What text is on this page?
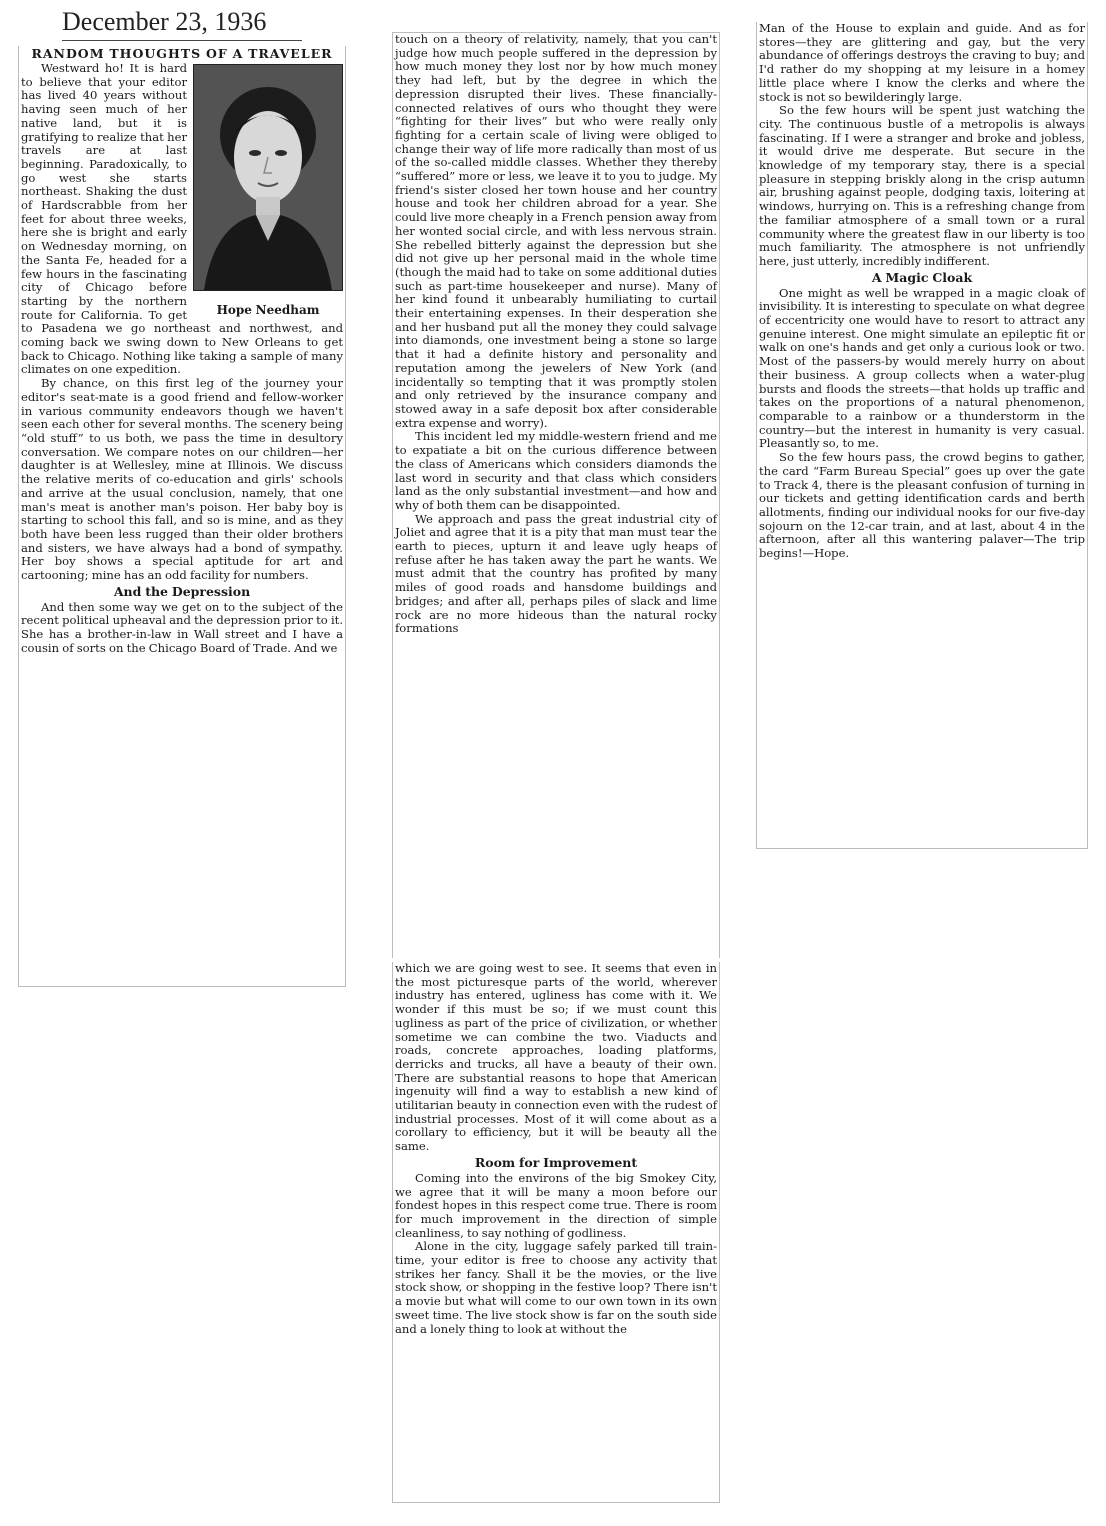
December 23, 1936
RANDOM THOUGHTS OF A TRAVELER
Hope Needham

Westward ho! It is hard to believe that your editor has lived 40 years without having seen much of her native land, but it is gratifying to realize that her travels are at last beginning. Paradoxically, to go west she starts northeast. Shaking the dust of Hardscrabble from her feet for about three weeks, here she is bright and early on Wednesday morning, on the Santa Fe, headed for a few hours in the fascinating city of Chicago before starting by the northern route for California. To get to Pasadena we go northeast and northwest, and coming back we swing down to New Orleans to get back to Chicago. Nothing like taking a sample of many climates on one expedition.

By chance, on this first leg of the journey your editor's seat-mate is a good friend and fellow-worker in various community endeavors though we haven't seen each other for several months. The scenery being “old stuff” to us both, we pass the time in desultory conversation. We compare notes on our children—her daughter is at Wellesley, mine at Illinois. We discuss the relative merits of co-education and girls' schools and arrive at the usual conclusion, namely, that one man's meat is another man's poison. Her baby boy is starting to school this fall, and so is mine, and as they both have been less rugged than their older brothers and sisters, we have always had a bond of sympathy. Her boy shows a special aptitude for art and cartooning; mine has an odd facility for numbers.

And the Depression

And then some way we get on to the subject of the recent political upheaval and the depression prior to it. She has a brother-in-law in Wall street and I have a cousin of sorts on the Chicago Board of Trade. And we

touch on a theory of relativity, namely, that you can't judge how much people suffered in the depression by how much money they lost nor by how much money they had left, but by the degree in which the depression disrupted their lives. These financially-connected relatives of ours who thought they were “fighting for their lives” but who were really only fighting for a certain scale of living were obliged to change their way of life more radically than most of us of the so-called middle classes. Whether they thereby “suffered” more or less, we leave it to you to judge. My friend's sister closed her town house and her country house and took her children abroad for a year. She could live more cheaply in a French pension away from her wonted social circle, and with less nervous strain. She rebelled bitterly against the depression but she did not give up her personal maid in the whole time (though the maid had to take on some additional duties such as part-time housekeeper and nurse). Many of her kind found it unbearably humiliating to curtail their entertaining expenses. In their desperation she and her husband put all the money they could salvage into diamonds, one investment being a stone so large that it had a definite history and personality and reputation among the jewelers of New York (and incidentally so tempting that it was promptly stolen and only retrieved by the insurance company and stowed away in a safe deposit box after considerable extra expense and worry).

This incident led my middle-western friend and me to expatiate a bit on the curious difference between the class of Americans which considers diamonds the last word in security and that class which considers land as the only substantial investment—and how and why of both them can be disappointed.

We approach and pass the great industrial city of Joliet and agree that it is a pity that man must tear the earth to pieces, upturn it and leave ugly heaps of refuse after he has taken away the part he wants. We must admit that the country has profited by many miles of good roads and hansdome buildings and bridges; and after all, perhaps piles of slack and lime rock are no more hideous than the natural rocky formations

which we are going west to see. It seems that even in the most picturesque parts of the world, wherever industry has entered, ugliness has come with it. We wonder if this must be so; if we must count this ugliness as part of the price of civilization, or whether sometime we can combine the two. Viaducts and roads, concrete approaches, loading platforms, derricks and trucks, all have a beauty of their own. There are substantial reasons to hope that American ingenuity will find a way to establish a new kind of utilitarian beauty in connection even with the rudest of industrial processes. Most of it will come about as a corollary to efficiency, but it will be beauty all the same.

Room for Improvement

Coming into the environs of the big Smokey City, we agree that it will be many a moon before our fondest hopes in this respect come true. There is room for much improvement in the direction of simple cleanliness, to say nothing of godliness.

Alone in the city, luggage safely parked till train-time, your editor is free to choose any activity that strikes her fancy. Shall it be the movies, or the live stock show, or shopping in the festive loop? There isn't a movie but what will come to our own town in its own sweet time. The live stock show is far on the south side and a lonely thing to look at without the

Man of the House to explain and guide. And as for stores—they are glittering and gay, but the very abundance of offerings destroys the craving to buy; and I'd rather do my shopping at my leisure in a homey little place where I know the clerks and where the stock is not so bewilderingly large.

So the few hours will be spent just watching the city. The continuous bustle of a metropolis is always fascinating. If I were a stranger and broke and jobless, it would drive me desperate. But secure in the knowledge of my temporary stay, there is a special pleasure in stepping briskly along in the crisp autumn air, brushing against people, dodging taxis, loitering at windows, hurrying on. This is a refreshing change from the familiar atmosphere of a small town or a rural community where the greatest flaw in our liberty is too much familiarity. The atmosphere is not unfriendly here, just utterly, incredibly indifferent.

A Magic Cloak

One might as well be wrapped in a magic cloak of invisibility. It is interesting to speculate on what degree of eccentricity one would have to resort to attract any genuine interest. One might simulate an epileptic fit or walk on one's hands and get only a curious look or two. Most of the passers-by would merely hurry on about their business. A group collects when a water-plug bursts and floods the streets—that holds up traffic and takes on the proportions of a natural phenomenon, comparable to a rainbow or a thunderstorm in the country—but the interest in humanity is very casual. Pleasantly so, to me.

So the few hours pass, the crowd begins to gather, the card “Farm Bureau Special” goes up over the gate to Track 4, there is the pleasant confusion of turning in our tickets and getting identification cards and berth allotments, finding our individual nooks for our five-day sojourn on the 12-car train, and at last, about 4 in the afternoon, after all this wantering palaver—The trip begins!—Hope.
